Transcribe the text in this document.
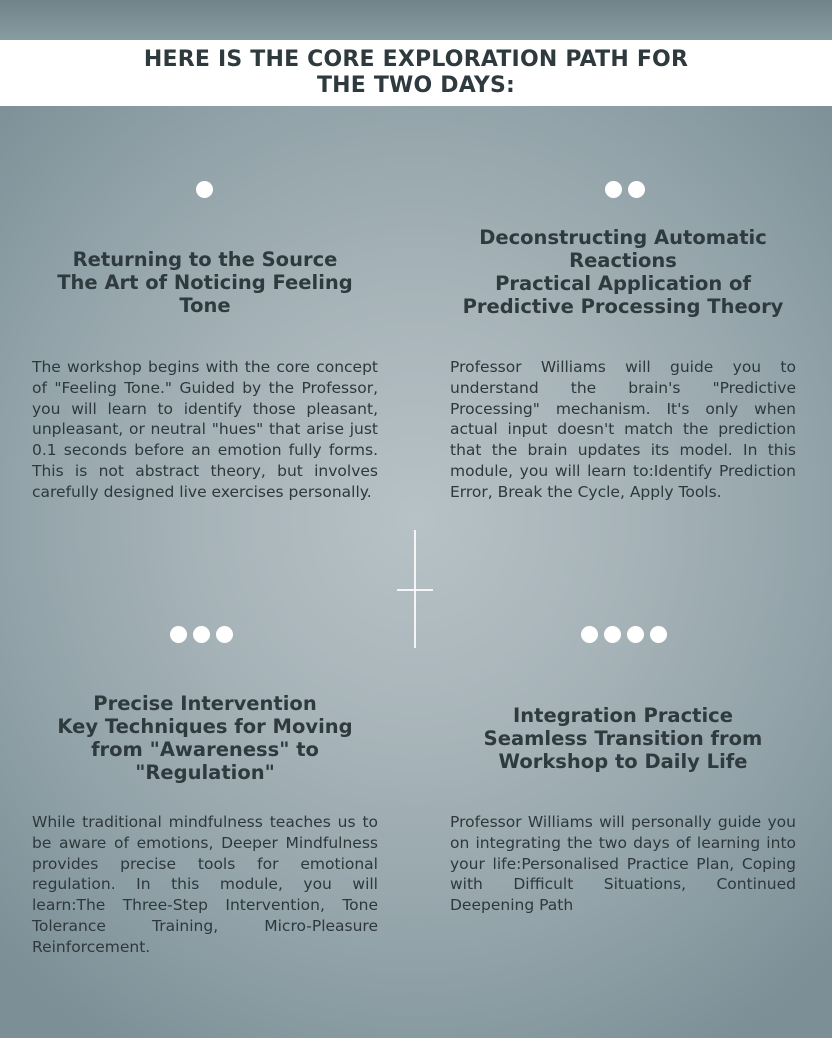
HERE IS THE CORE EXPLORATION PATH FOR THE TWO DAYS:
Returning to the Source
The Art of Noticing Feeling
Tone

The workshop begins with the core concept of "Feeling Tone." Guided by the Professor, you will learn to identify those pleasant, unpleasant, or neutral "hues" that arise just 0.1 seconds before an emotion fully forms. This is not abstract theory, but involves carefully designed live exercises personally.

Deconstructing Automatic
Reactions
Practical Application of
Predictive Processing Theory

Professor Williams will guide you to understand the brain's "Predictive Processing" mechanism. It's only when actual input doesn't match the prediction that the brain updates its model. In this module, you will learn to:Identify Prediction Error, Break the Cycle, Apply Tools.

Precise Intervention
Key Techniques for Moving
from "Awareness" to
"Regulation"

While traditional mindfulness teaches us to be aware of emotions, Deeper Mindfulness provides precise tools for emotional regulation. In this module, you will learn:The Three-Step Intervention, Tone Tolerance Training, Micro-Pleasure Reinforcement.

Integration Practice
Seamless Transition from
Workshop to Daily Life

Professor Williams will personally guide you on integrating the two days of learning into your life:Personalised Practice Plan, Coping with Difficult Situations, Continued Deepening Path
